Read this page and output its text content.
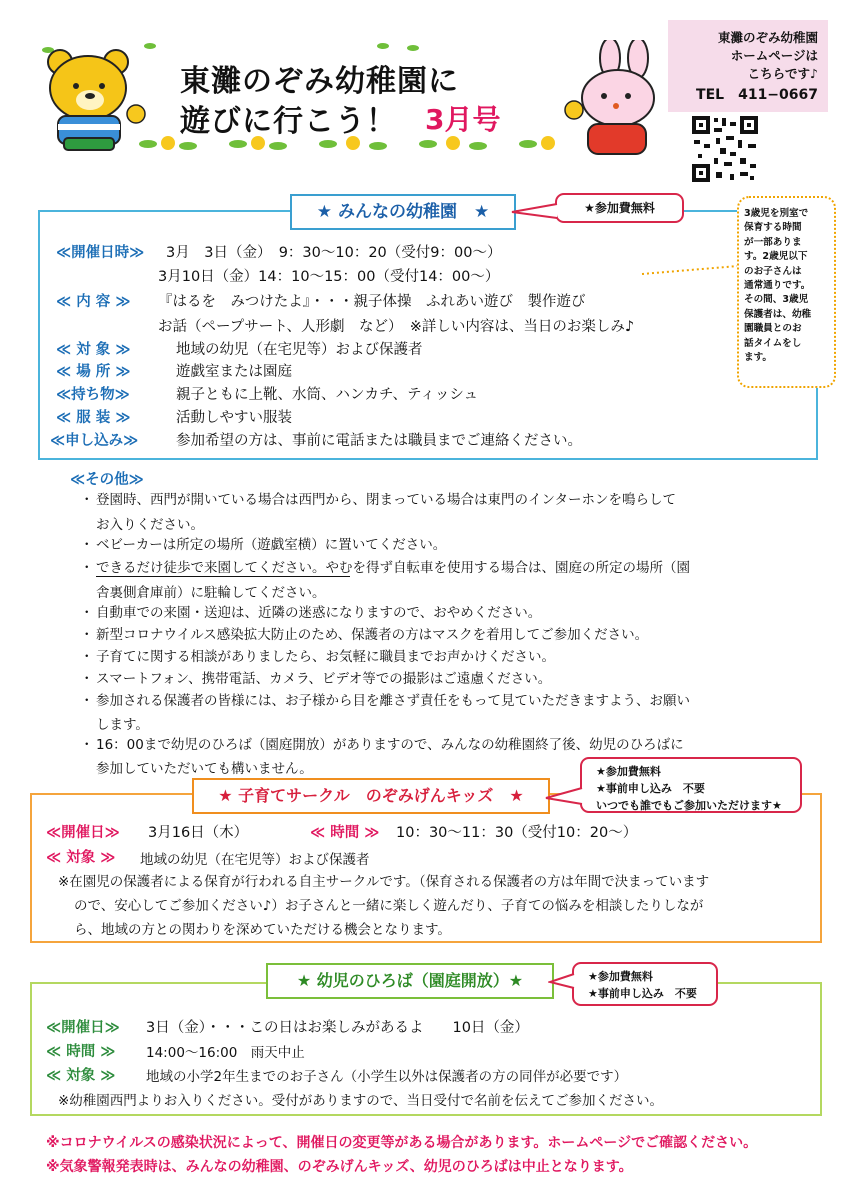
東灘のぞみ幼稚園に
遊びに行こう！ 3月号
東灘のぞみ幼稚園
ホームページは
こちらです♪
TEL　411−0667
★ みんなの幼稚園　★	★参加費無料
≪開催日時≫ 3月　3日（金）　9：30〜10：20（受付9：00〜）
3月10日（金）14：10〜15：00（受付14：00〜）
≪ 内 容 ≫ 『はるを　みつけたよ』・・・親子体操　ふれあい遊び　製作遊び
お話（ペープサート、人形劇　など）　※詳しい内容は、当日のお楽しみ♪
≪ 対 象 ≫	地域の幼児（在宅児等）および保護者
≪ 場 所 ≫	遊戯室または園庭
≪持ち物≫	親子ともに上靴、水筒、ハンカチ、ティッシュ
≪ 服 装 ≫	活動しやすい服装
≪申し込み≫	参加希望の方は、事前に電話または職員までご連絡ください。
3歳児を別室で
保育する時間
が一部ありま
す。2歳児以下
のお子さんは
通常通りです。
その間、3歳児
保護者は、幼稚
園職員とのお
話タイムをし
ます。
≪その他≫
・ 登園時、西門が開いている場合は西門から、閉まっている場合は東門のインターホンを鳴らして
お入りください。
・ ベビーカーは所定の場所（遊戯室横）に置いてください。
・ できるだけ徒歩で来園してください。やむを得ず自転車を使用する場合は、園庭の所定の場所（園
舎裏側倉庫前）に駐輪してください。
・ 自動車での来園・送迎は、近隣の迷惑になりますので、おやめください。
・ 新型コロナウイルス感染拡大防止のため、保護者の方はマスクを着用してご参加ください。
・ 子育てに関する相談がありましたら、お気軽に職員までお声かけください。
・ スマートフォン、携帯電話、カメラ、ビデオ等での撮影はご遠慮ください。
・ 参加される保護者の皆様には、お子様から目を離さず責任をもって見ていただきますよう、お願い
します。
・ 16：00まで幼児のひろば（園庭開放）がありますので、みんなの幼稚園終了後、幼児のひろばに
参加していただいても構いません。
★ 子育てサークル　のぞみげんキッズ　★
★参加費無料
★事前申し込み　不要
いつでも誰でもご参加いただけます★
≪開催日≫ 3月16日（木）	≪ 時間 ≫ 10：30〜11：30（受付10：20〜）
≪ 対象 ≫ 地域の幼児（在宅児等）および保護者
※在園児の保護者による保育が行われる自主サークルです。（保育される保護者の方は年間で決まっています
ので、安心してご参加ください♪）お子さんと一緒に楽しく遊んだり、子育ての悩みを相談したりしなが
ら、地域の方との関わりを深めていただける機会となります。
★ 幼児のひろば（園庭開放）★	★参加費無料
★事前申し込み　不要
≪開催日≫ 3日（金）・・・この日はお楽しみがあるよ　　10日（金）
≪ 時間 ≫ 14:00〜16:00　雨天中止
≪ 対象 ≫ 地域の小学2年生までのお子さん（小学生以外は保護者の方の同伴が必要です）
※幼稚園西門よりお入りください。受付がありますので、当日受付で名前を伝えてご参加ください。
※コロナウイルスの感染状況によって、開催日の変更等がある場合があります。ホームページでご確認ください。
※気象警報発表時は、みんなの幼稚園、のぞみげんキッズ、幼児のひろばは中止となります。
